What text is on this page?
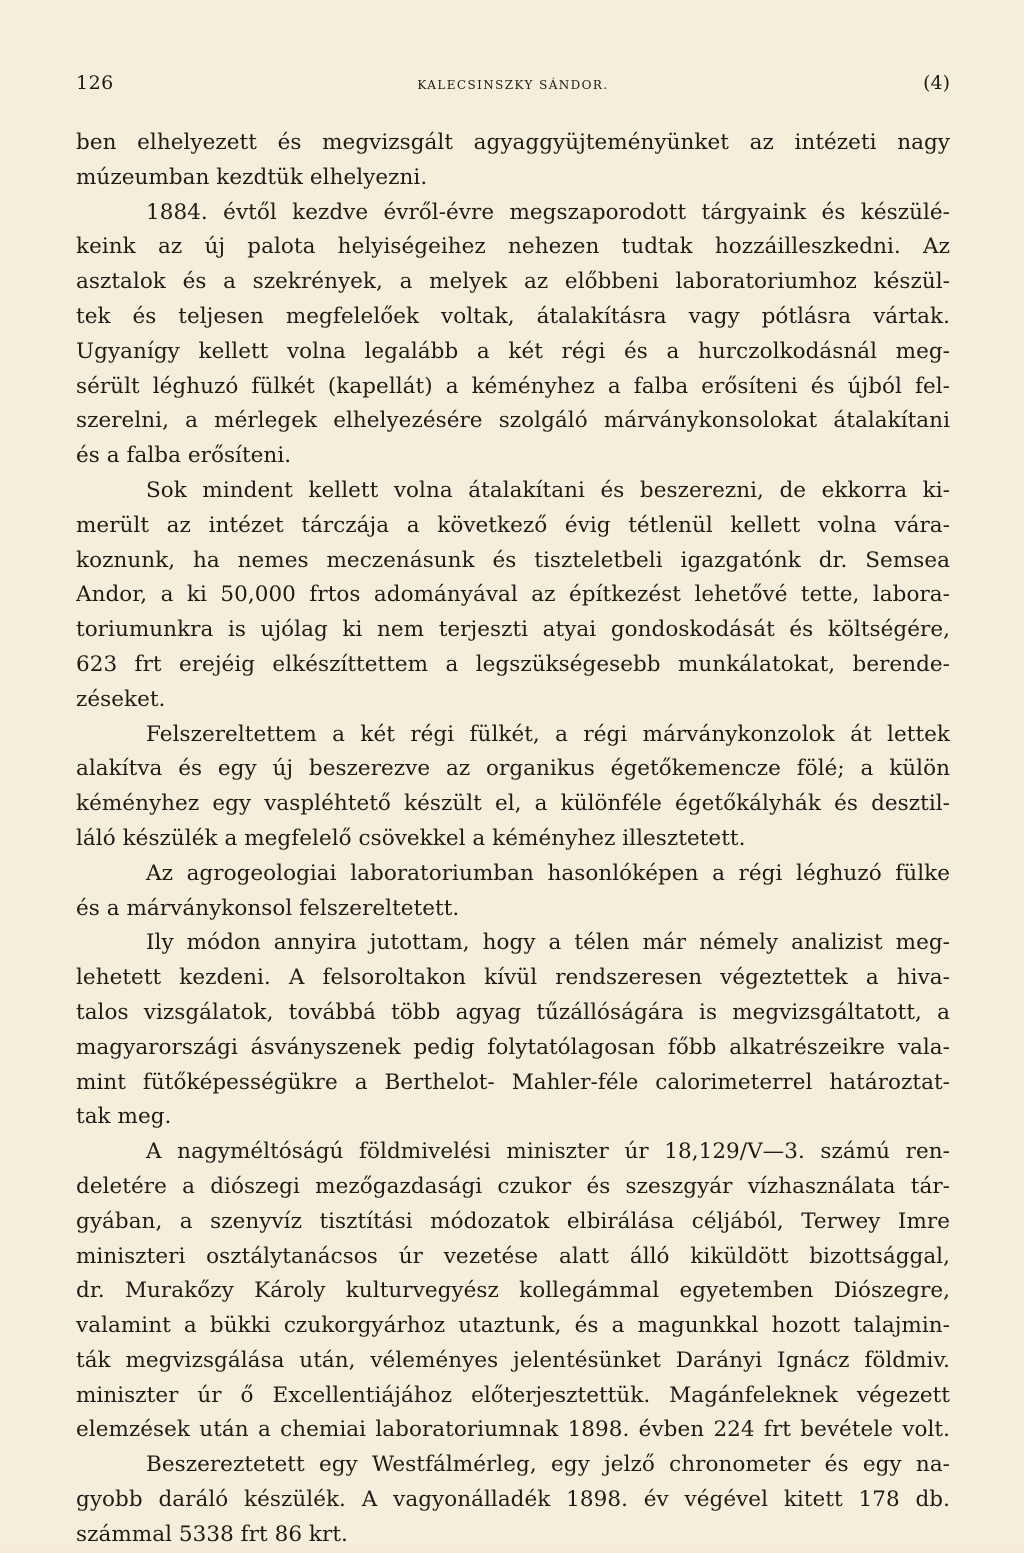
126	KALECSINSZKY SÁNDOR.	(4)
ben elhelyezett és megvizsgált agyaggyüjteményünket az intézeti nagy
múzeumban kezdtük elhelyezni.
1884. évtől kezdve évről-évre megszaporodott tárgyaink és készülé-
keink az új palota helyiségeihez nehezen tudtak hozzáilleszkedni. Az
asztalok és a szekrények, a melyek az előbbeni laboratoriumhoz készül-
tek és teljesen megfelelőek voltak, átalakításra vagy pótlásra vártak.
Ugyanígy kellett volna legalább a két régi és a hurczolkodásnál meg-
sérült léghuzó fülkét (kapellát) a kéményhez a falba erősíteni és újból fel-
szerelni, a mérlegek elhelyezésére szolgáló márványkonsolokat átalakítani
és a falba erősíteni.
Sok mindent kellett volna átalakítani és beszerezni, de ekkorra ki-
merült az intézet tárczája a következő évig tétlenül kellett volna vára-
koznunk, ha nemes meczenásunk és tiszteletbeli igazgatónk dr. Semsea
Andor, a ki 50,000 frtos adományával az építkezést lehetővé tette, labora-
toriumunkra is ujólag ki nem terjeszti atyai gondoskodását és költségére,
623 frt erejéig elkészíttettem a legszükségesebb munkálatokat, berende-
zéseket.
Felszereltettem a két régi fülkét, a régi márványkonzolok át lettek
alakítva és egy új beszerezve az organikus égetőkemencze fölé; a külön
kéményhez egy vaspléhtető készült el, a különféle égetőkályhák és desztil-
láló készülék a megfelelő csövekkel a kéményhez illesztetett.
Az agrogeologiai laboratoriumban hasonlóképen a régi léghuzó fülke
és a márványkonsol felszereltetett.
Ily módon annyira jutottam, hogy a télen már némely analizist meg-
lehetett kezdeni. A felsoroltakon kívül rendszeresen végeztettek a hiva-
talos vizsgálatok, továbbá több agyag tűzállóságára is megvizsgáltatott, a
magyarországi ásványszenek pedig folytatólagosan főbb alkatrészeikre vala-
mint fütőképességükre a Berthelot- Mahler-féle calorimeterrel határoztat-
tak meg.
A nagyméltóságú földmivelési miniszter úr 18,129/V—3. számú ren-
deletére a diószegi mezőgazdasági czukor és szeszgyár vízhasználata tár-
gyában, a szenyvíz tisztítási módozatok elbirálása céljából, Terwey Imre
miniszteri osztálytanácsos úr vezetése alatt álló kiküldött bizottsággal,
dr. Murakőzy Károly kulturvegyész kollegámmal egyetemben Diószegre,
valamint a bükki czukorgyárhoz utaztunk, és a magunkkal hozott talajmin-
ták megvizsgálása után, véleményes jelentésünket Darányi Ignácz földmiv.
miniszter úr ő Excellentiájához előterjesztettük. Magánfeleknek végezett
elemzések után a chemiai laboratoriumnak 1898. évben 224 frt bevétele volt.
Beszereztetett egy Westfálmérleg, egy jelző chronometer és egy na-
gyobb daráló készülék. A vagyonálladék 1898. év végével kitett 178 db.
számmal 5338 frt 86 krt.
